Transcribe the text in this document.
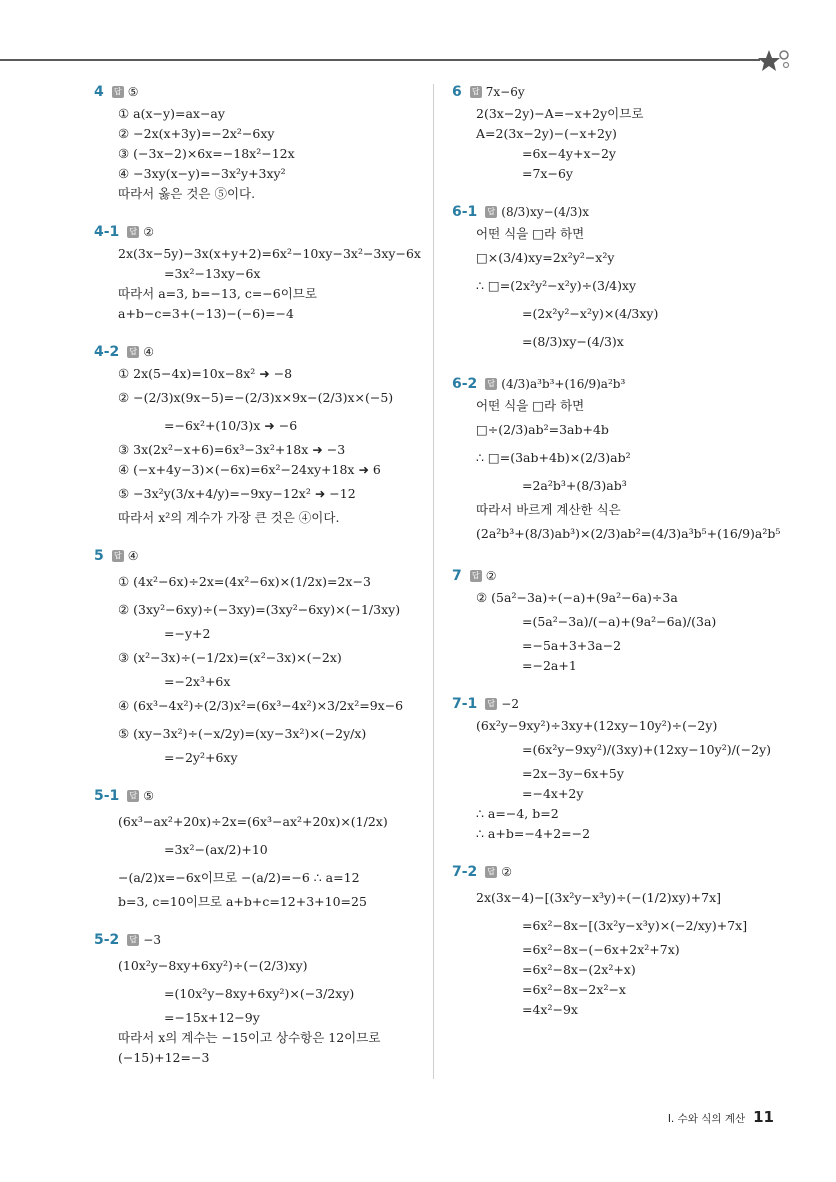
4 답 ⑤
① a(x−y)=ax−ay
② −2x(x+3y)=−2x²−6xy
③ (−3x−2)×6x=−18x²−12x
④ −3xy(x−y)=−3x²y+3xy²
따라서 옳은 것은 ⑤이다.
4-1 답 ②
2x(3x−5y)−3x(x+y+2)=6x²−10xy−3x²−3xy−6x
=3x²−13xy−6x
따라서 a=3, b=−13, c=−6이므로
a+b−c=3+(−13)−(−6)=−4
4-2 답 ④
① 2x(5−4x)=10x−8x² ➜ −8
② −(2/3)x(9x−5)=−(2/3)x×9x−(2/3)x×(−5)
=−6x²+(10/3)x ➜ −6
③ 3x(2x²−x+6)=6x³−3x²+18x ➜ −3
④ (−x+4y−3)×(−6x)=6x²−24xy+18x ➜ 6
⑤ −3x²y(3/x+4/y)=−9xy−12x² ➜ −12
따라서 x²의 계수가 가장 큰 것은 ④이다.
5 답 ④
① (4x²−6x)÷2x=(4x²−6x)×(1/2x)=2x−3
② (3xy²−6xy)÷(−3xy)=(3xy²−6xy)×(−1/3xy)
=−y+2
③ (x²−3x)÷(−1/2x)=(x²−3x)×(−2x)
=−2x³+6x
④ (6x³−4x²)÷(2/3)x²=(6x³−4x²)×3/2x²=9x−6
⑤ (xy−3x²)÷(−x/2y)=(xy−3x²)×(−2y/x)
=−2y²+6xy
5-1 답 ⑤
(6x³−ax²+20x)÷2x=(6x³−ax²+20x)×(1/2x)
=3x²−(ax/2)+10
−(a/2)x=−6x이므로 −(a/2)=−6 ∴ a=12
b=3, c=10이므로 a+b+c=12+3+10=25
5-2 답 −3
(10x²y−8xy+6xy²)÷(−(2/3)xy)
=(10x²y−8xy+6xy²)×(−3/2xy)
=−15x+12−9y
따라서 x의 계수는 −15이고 상수항은 12이므로
(−15)+12=−3
6 답 7x−6y
2(3x−2y)−A=−x+2y이므로
A=2(3x−2y)−(−x+2y)
=6x−4y+x−2y
=7x−6y
6-1 답 (8/3)xy−(4/3)x
어떤 식을 □라 하면
□×(3/4)xy=2x²y²−x²y
∴ □=(2x²y²−x²y)÷(3/4)xy
=(2x²y²−x²y)×(4/3xy)
=(8/3)xy−(4/3)x
6-2 답 (4/3)a³b³+(16/9)a²b³
어떤 식을 □라 하면
□÷(2/3)ab²=3ab+4b
∴ □=(3ab+4b)×(2/3)ab²
=2a²b³+(8/3)ab³
따라서 바르게 계산한 식은
(2a²b³+(8/3)ab³)×(2/3)ab²=(4/3)a³b⁵+(16/9)a²b⁵
7 답 ②
② (5a²−3a)÷(−a)+(9a²−6a)÷3a
=(5a²−3a)/(−a)+(9a²−6a)/(3a)
=−5a+3+3a−2
=−2a+1
7-1 답 −2
(6x²y−9xy²)÷3xy+(12xy−10y²)÷(−2y)
=(6x²y−9xy²)/(3xy)+(12xy−10y²)/(−2y)
=2x−3y−6x+5y
=−4x+2y
∴ a=−4, b=2
∴ a+b=−4+2=−2
7-2 답 ②
2x(3x−4)−[(3x²y−x³y)÷(−(1/2)xy)+7x]
=6x²−8x−[(3x²y−x³y)×(−2/xy)+7x]
=6x²−8x−(−6x+2x²+7x)
=6x²−8x−(2x²+x)
=6x²−8x−2x²−x
=4x²−9x
Ⅰ. 수와 식의 계산 11
